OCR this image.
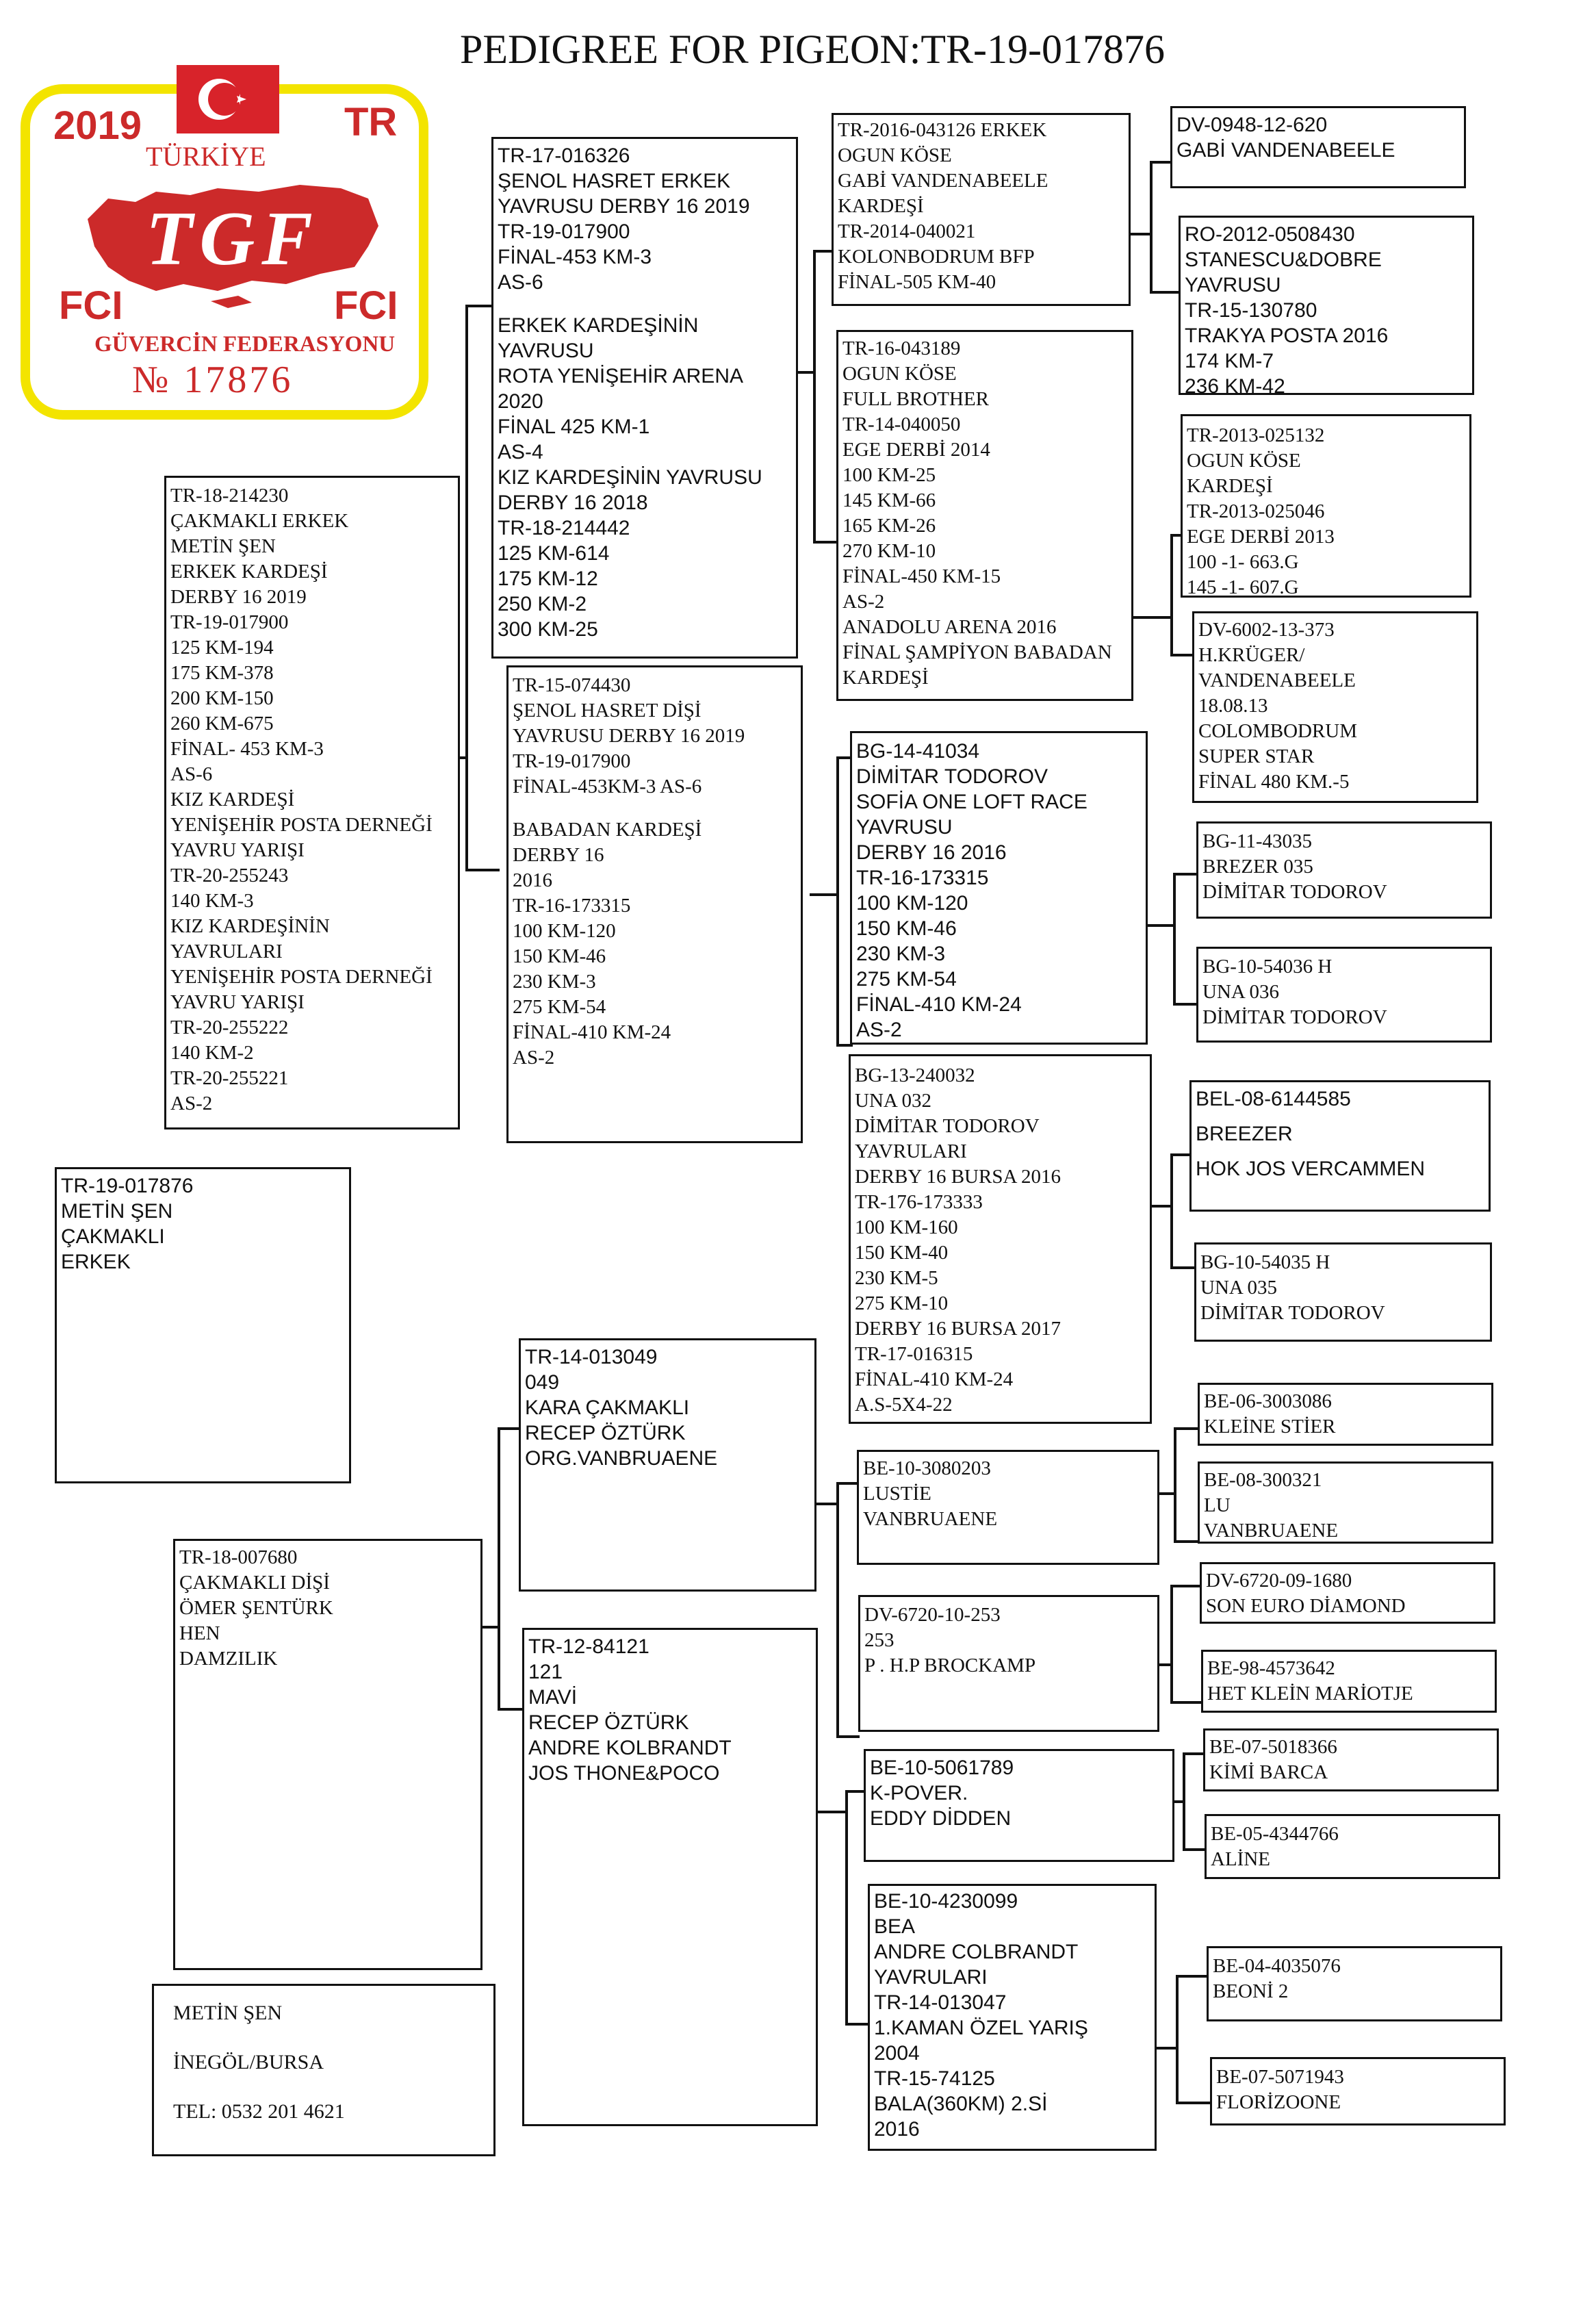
PEDIGREE FOR PIGEON:TR-19-017876
2019	TR
TÜRKİYE
TGF
FCI	FCI
GÜVERCİN FEDERASYONU
№ 17876
TR-19-017876
METİN ŞEN
ÇAKMAKLI
ERKEK
METİN ŞEN
İNEGÖL/BURSA
TEL: 0532 201 4621
TR-18-214230
ÇAKMAKLI ERKEK
METİN ŞEN
ERKEK KARDEŞİ
DERBY 16 2019
TR-19-017900
125 KM-194
175 KM-378
200 KM-150
260 KM-675
FİNAL- 453 KM-3
AS-6
KIZ KARDEŞİ
YENİŞEHİR POSTA DERNEĞİ
YAVRU YARIŞI
TR-20-255243
140 KM-3
KIZ KARDEŞİNİN
YAVRULARI
YENİŞEHİR POSTA DERNEĞİ
YAVRU YARIŞI
TR-20-255222
140 KM-2
TR-20-255221
AS-2
TR-18-007680
ÇAKMAKLI DİŞİ
ÖMER ŞENTÜRK
HEN
DAMZILIK
TR-17-016326
ŞENOL HASRET ERKEK
YAVRUSU DERBY 16 2019
TR-19-017900
FİNAL-453 KM-3
AS-6
ERKEK KARDEŞİNİN
YAVRUSU
ROTA YENİŞEHİR ARENA
2020
FİNAL 425 KM-1
AS-4
KIZ KARDEŞİNİN YAVRUSU
DERBY 16 2018
TR-18-214442
125 KM-614
175 KM-12
250 KM-2
300 KM-25
TR-15-074430
ŞENOL HASRET DİŞİ
YAVRUSU DERBY 16 2019
TR-19-017900
FİNAL-453KM-3 AS-6
BABADAN KARDEŞİ
DERBY 16
2016
TR-16-173315
100 KM-120
150 KM-46
230 KM-3
275 KM-54
FİNAL-410 KM-24
AS-2
TR-14-013049
049
KARA ÇAKMAKLI
RECEP ÖZTÜRK
ORG.VANBRUAENE
TR-12-84121
121
MAVİ
RECEP ÖZTÜRK
ANDRE KOLBRANDT
JOS THONE&POCO
TR-2016-043126 ERKEK
OGUN KÖSE
GABİ VANDENABEELE
KARDEŞİ
TR-2014-040021
KOLONBODRUM BFP
FİNAL-505 KM-40
TR-16-043189
OGUN KÖSE
FULL BROTHER
TR-14-040050
EGE DERBİ 2014
100 KM-25
145 KM-66
165 KM-26
270 KM-10
FİNAL-450 KM-15
AS-2
ANADOLU ARENA 2016
FİNAL ŞAMPİYON BABADAN
KARDEŞİ
BG-14-41034
DİMİTAR TODOROV
SOFİA ONE LOFT RACE
YAVRUSU
DERBY 16 2016
TR-16-173315
100 KM-120
150 KM-46
230 KM-3
275 KM-54
FİNAL-410 KM-24
AS-2
BG-13-240032
UNA 032
DİMİTAR TODOROV
YAVRULARI
DERBY 16 BURSA 2016
TR-176-173333
100 KM-160
150 KM-40
230 KM-5
275 KM-10
DERBY 16 BURSA 2017
TR-17-016315
FİNAL-410 KM-24
A.S-5X4-22
BE-10-3080203
LUSTİE
VANBRUAENE
DV-6720-10-253
253
P . H.P BROCKAMP
BE-10-5061789
K-POVER.
EDDY DİDDEN
BE-10-4230099
BEA
ANDRE COLBRANDT
YAVRULARI
TR-14-013047
1.KAMAN ÖZEL YARIŞ
2004
TR-15-74125
BALA(360KM) 2.Sİ
2016
DV-0948-12-620
GABİ VANDENABEELE
RO-2012-0508430
STANESCU&DOBRE
YAVRUSU
TR-15-130780
TRAKYA POSTA 2016
174 KM-7
236 KM-42
TR-2013-025132
OGUN KÖSE
KARDEŞİ
TR-2013-025046
EGE DERBİ 2013
100 -1- 663.G
145 -1- 607.G
DV-6002-13-373
H.KRÜGER/
VANDENABEELE
18.08.13
COLOMBODRUM
SUPER STAR
FİNAL 480 KM.-5
BG-11-43035
BREZER 035
DİMİTAR TODOROV
BG-10-54036 H
UNA 036
DİMİTAR TODOROV
BEL-08-6144585
BREEZER
HOK JOS VERCAMMEN
BG-10-54035 H
UNA 035
DİMİTAR TODOROV
BE-06-3003086
KLEİNE STİER
BE-08-300321
LU
VANBRUAENE
DV-6720-09-1680
SON EURO DİAMOND
BE-98-4573642
HET KLEİN MARİOTJE
BE-07-5018366
KİMİ BARCA
BE-05-4344766
ALİNE
BE-04-4035076
BEONİ 2
BE-07-5071943
FLORİZOONE
